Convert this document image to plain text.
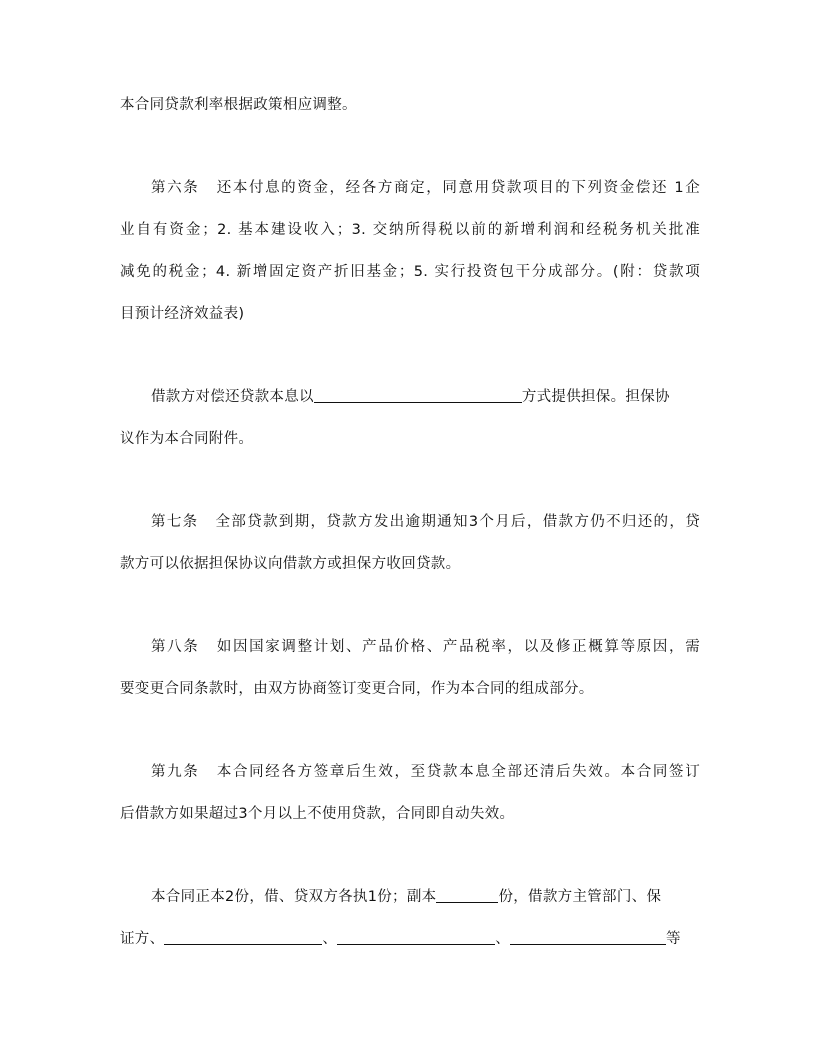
本合同贷款利率根据政策相应调整。
第六条 还本付息的资金，经各方商定，同意用贷款项目的下列资金偿还 1企
业自有资金；2. 基本建设收入；3. 交纳所得税以前的新增利润和经税务机关批准
减免的税金；4. 新增固定资产折旧基金；5. 实行投资包干分成部分。(附：贷款项
目预计经济效益表)
借款方对偿还贷款本息以	方式提供担保。担保协
议作为本合同附件。
第七条 全部贷款到期，贷款方发出逾期通知3个月后，借款方仍不归还的，贷
款方可以依据担保协议向借款方或担保方收回贷款。
第八条 如因国家调整计划、产品价格、产品税率，以及修正概算等原因，需
要变更合同条款时，由双方协商签订变更合同，作为本合同的组成部分。
第九条 本合同经各方签章后生效，至贷款本息全部还清后失效。本合同签订
后借款方如果超过3个月以上不使用贷款，合同即自动失效。
本合同正本2份，借、贷双方各执1份；副本	份，借款方主管部门、保
证方、	、	、	等
